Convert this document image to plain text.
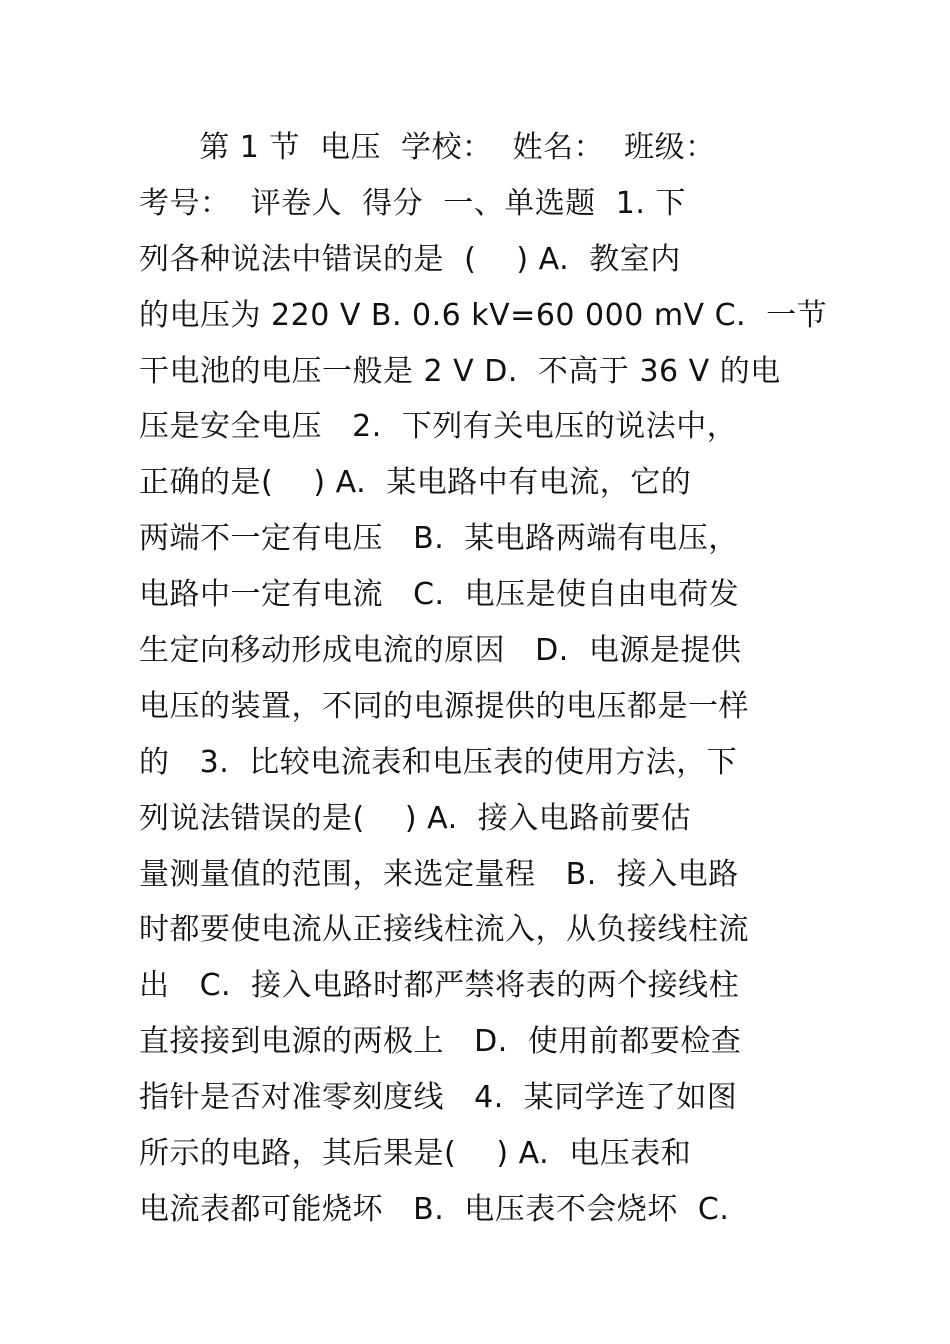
第 1 节  电压  学校：  姓名：  班级：
考号：  评卷人  得分  一、单选题  1. 下
列各种说法中错误的是  (    ) A.  教室内
的电压为 220 V B. 0.6 kV=60 000 mV C.  一节
干电池的电压一般是 2 V D.  不高于 36 V 的电
压是安全电压   2.  下列有关电压的说法中，
正确的是(    ) A.  某电路中有电流，它的
两端不一定有电压   B.  某电路两端有电压，
电路中一定有电流   C.  电压是使自由电荷发
生定向移动形成电流的原因   D.  电源是提供
电压的装置，不同的电源提供的电压都是一样
的   3.  比较电流表和电压表的使用方法，下
列说法错误的是(    ) A.  接入电路前要估
量测量值的范围，来选定量程   B.  接入电路
时都要使电流从正接线柱流入，从负接线柱流
出   C.  接入电路时都严禁将表的两个接线柱
直接接到电源的两极上   D.  使用前都要检查
指针是否对准零刻度线   4.  某同学连了如图
所示的电路，其后果是(    ) A.  电压表和
电流表都可能烧坏   B.  电压表不会烧坏  C.
